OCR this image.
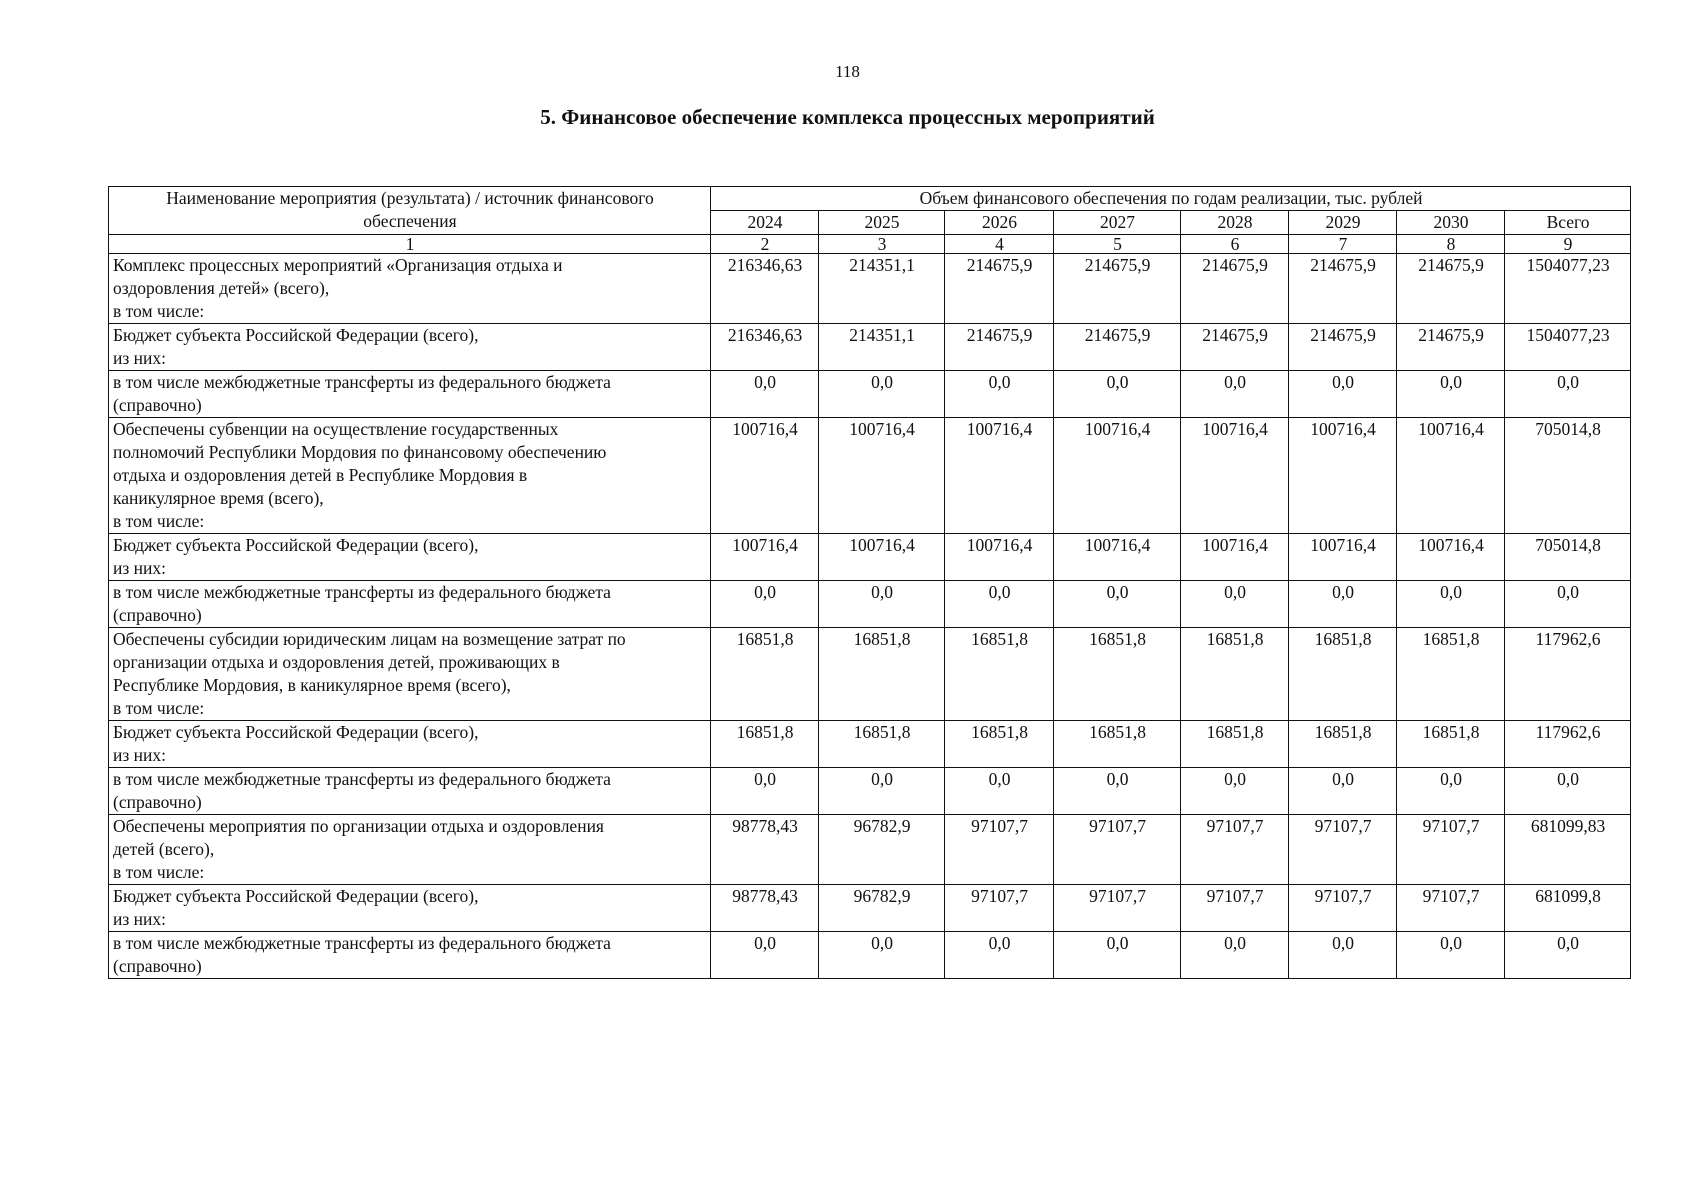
118
5. Финансовое обеспечение комплекса процессных мероприятий
Наименование мероприятия (результата) / источник финансового
обеспечения	Объем финансового обеспечения по годам реализации, тыс. рублей							
	2024	2025	2026	2027	2028	2029	2030	Всего
1	2	3	4	5	6	7	8	9

Комплекс процессных мероприятий «Организация отдыха и
оздоровления детей» (всего),
в том числе:	216346,63	214351,1	214675,9	214675,9	214675,9	214675,9	214675,9	1504077,23

Бюджет субъекта Российской Федерации (всего),
из них:	216346,63	214351,1	214675,9	214675,9	214675,9	214675,9	214675,9	1504077,23

в том числе межбюджетные трансферты из федерального бюджета
(справочно)	0,0	0,0	0,0	0,0	0,0	0,0	0,0	0,0

Обеспечены субвенции на осуществление государственных
полномочий Республики Мордовия по финансовому обеспечению
отдыха и оздоровления детей в Республике Мордовия в
каникулярное время (всего),
в том числе:	100716,4	100716,4	100716,4	100716,4	100716,4	100716,4	100716,4	705014,8

Бюджет субъекта Российской Федерации (всего),
из них:	100716,4	100716,4	100716,4	100716,4	100716,4	100716,4	100716,4	705014,8

в том числе межбюджетные трансферты из федерального бюджета
(справочно)	0,0	0,0	0,0	0,0	0,0	0,0	0,0	0,0

Обеспечены субсидии юридическим лицам на возмещение затрат по
организации отдыха и оздоровления детей, проживающих в
Республике Мордовия, в каникулярное время (всего),
в том числе:	16851,8	16851,8	16851,8	16851,8	16851,8	16851,8	16851,8	117962,6

Бюджет субъекта Российской Федерации (всего),
из них:	16851,8	16851,8	16851,8	16851,8	16851,8	16851,8	16851,8	117962,6

в том числе межбюджетные трансферты из федерального бюджета
(справочно)	0,0	0,0	0,0	0,0	0,0	0,0	0,0	0,0

Обеспечены мероприятия по организации отдыха и оздоровления
детей (всего),
в том числе:	98778,43	96782,9	97107,7	97107,7	97107,7	97107,7	97107,7	681099,83

Бюджет субъекта Российской Федерации (всего),
из них:	98778,43	96782,9	97107,7	97107,7	97107,7	97107,7	97107,7	681099,8

в том числе межбюджетные трансферты из федерального бюджета
(справочно)	0,0	0,0	0,0	0,0	0,0	0,0	0,0	0,0
